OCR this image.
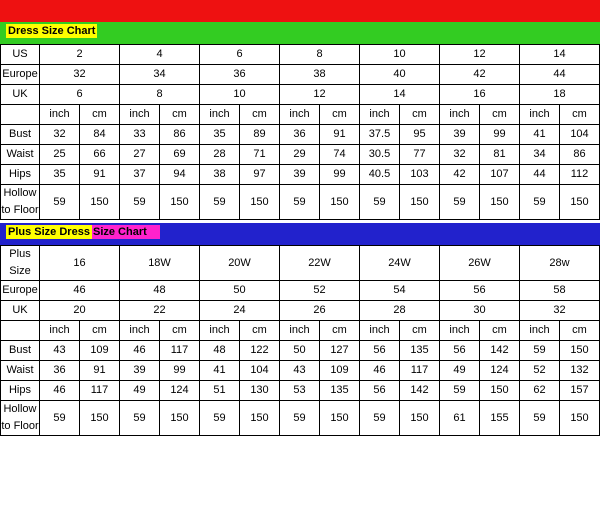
Dress Size Chart
US	2		4		6		8		10		12		14	
Europe	32		34		36		38		40		42		44	
UK	6		8		10		12		14		16		18	
	inch	cm	inch	cm	inch	cm	inch	cm	inch	cm	inch	cm	inch	cm
Bust	32	84	33	86	35	89	36	91	37.5	95	39	99	41	104
Waist	25	66	27	69	28	71	29	74	30.5	77	32	81	34	86
Hips	35	91	37	94	38	97	39	99	40.5	103	42	107	44	112
Hollow to Floor	59	150	59	150	59	150	59	150	59	150	59	150	59	150
Plus Size Dress Size Chart
Plus Size	16		18W		20W		22W		24W		26W		28w	
Europe	46		48		50		52		54		56		58	
UK	20		22		24		26		28		30		32	
	inch	cm	inch	cm	inch	cm	inch	cm	inch	cm	inch	cm	inch	cm
Bust	43	109	46	117	48	122	50	127	56	135	56	142	59	150
Waist	36	91	39	99	41	104	43	109	46	117	49	124	52	132
Hips	46	117	49	124	51	130	53	135	56	142	59	150	62	157
Hollow to Floor	59	150	59	150	59	150	59	150	59	150	61	155	59	150
